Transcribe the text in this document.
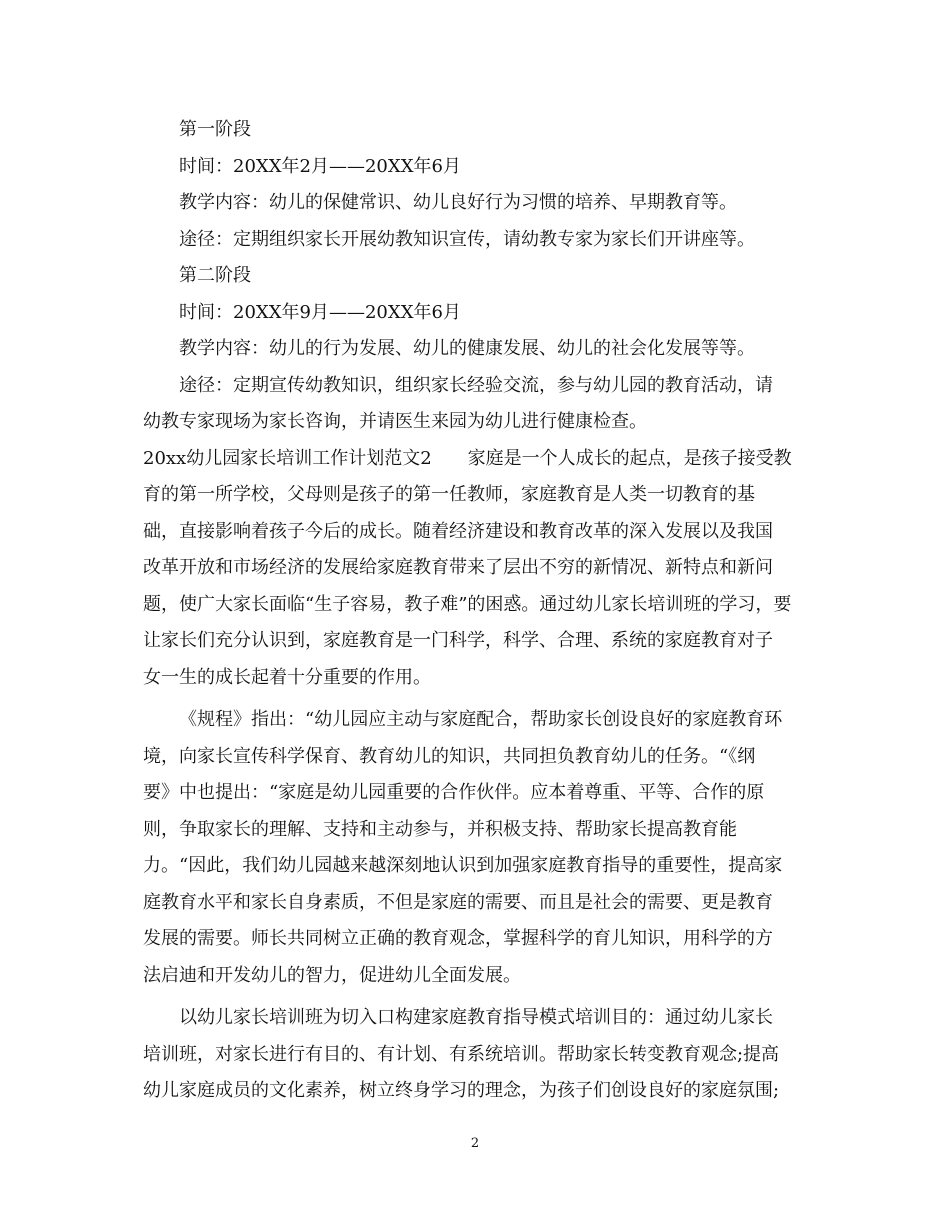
第一阶段
时间：20XX年2月——20XX年6月
教学内容：幼儿的保健常识、幼儿良好行为习惯的培养、早期教育等。
途径：定期组织家长开展幼教知识宣传，请幼教专家为家长们开讲座等。
第二阶段
时间：20XX年9月——20XX年6月
教学内容：幼儿的行为发展、幼儿的健康发展、幼儿的社会化发展等等。
途径：定期宣传幼教知识，组织家长经验交流，参与幼儿园的教育活动，请
幼教专家现场为家长咨询，并请医生来园为幼儿进行健康检查。
20xx幼儿园家长培训工作计划范文2　　家庭是一个人成长的起点，是孩子接受教
育的第一所学校，父母则是孩子的第一任教师，家庭教育是人类一切教育的基
础，直接影响着孩子今后的成长。随着经济建设和教育改革的深入发展以及我国
改革开放和市场经济的发展给家庭教育带来了层出不穷的新情况、新特点和新问
题，使广大家长面临“生子容易，教子难”的困惑。通过幼儿家长培训班的学习，要
让家长们充分认识到，家庭教育是一门科学，科学、合理、系统的家庭教育对子
女一生的成长起着十分重要的作用。
《规程》指出：“幼儿园应主动与家庭配合，帮助家长创设良好的家庭教育环
境，向家长宣传科学保育、教育幼儿的知识，共同担负教育幼儿的任务。“《纲
要》中也提出：“家庭是幼儿园重要的合作伙伴。应本着尊重、平等、合作的原
则，争取家长的理解、支持和主动参与，并积极支持、帮助家长提高教育能
力。“因此，我们幼儿园越来越深刻地认识到加强家庭教育指导的重要性，提高家
庭教育水平和家长自身素质，不但是家庭的需要、而且是社会的需要、更是教育
发展的需要。师长共同树立正确的教育观念，掌握科学的育儿知识，用科学的方
法启迪和开发幼儿的智力，促进幼儿全面发展。
以幼儿家长培训班为切入口构建家庭教育指导模式培训目的：通过幼儿家长
培训班，对家长进行有目的、有计划、有系统培训。帮助家长转变教育观念;提高
幼儿家庭成员的文化素养，树立终身学习的理念，为孩子们创设良好的家庭氛围;
2
